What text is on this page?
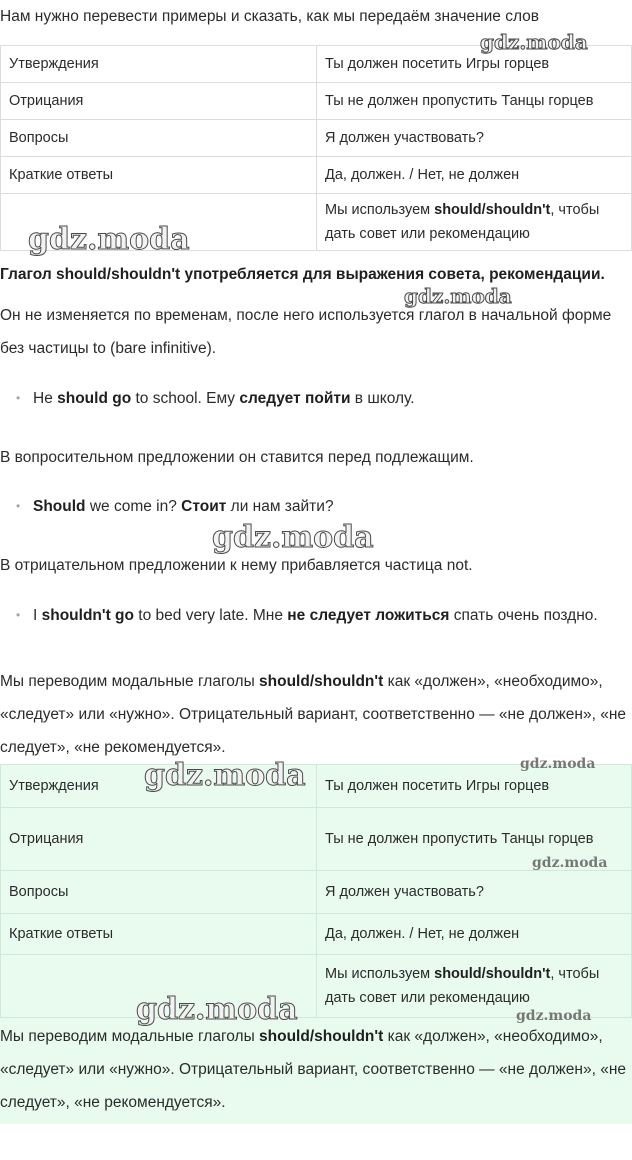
Нам нужно перевести примеры и сказать, как мы передаём значение слов
Утверждения	Ты должен посетить Игры горцев
Отрицания	Ты не должен пропустить Танцы горцев
Вопросы	Я должен участвовать?
Краткие ответы	Да, должен. / Нет, не должен
	Мы используем should/shouldn't, чтобы дать совет или рекомендацию

Глагол should/shouldn't употребляется для выражения совета, рекомендации.

Он не изменяется по временам, после него используется глагол в начальной форме без частицы to (bare infinitive).

• He should go to school. Ему следует пойти в школу.

В вопросительном предложении он ставится перед подлежащим.

• Should we come in? Стоит ли нам зайти?

В отрицательном предложении к нему прибавляется частица not.

• I shouldn't go to bed very late. Мне не следует ложиться спать очень поздно.

Мы переводим модальные глаголы should/shouldn't как «должен», «необходимо», «следует» или «нужно». Отрицательный вариант, соответственно — «не должен», «не следует», «не рекомендуется».

Утверждения	Ты должен посетить Игры горцев
Отрицания	Ты не должен пропустить Танцы горцев
Вопросы	Я должен участвовать?
Краткие ответы	Да, должен. / Нет, не должен
	Мы используем should/shouldn't, чтобы дать совет или рекомендацию

Мы переводим модальные глаголы should/shouldn't как «должен», «необходимо», «следует» или «нужно». Отрицательный вариант, соответственно — «не должен», «не следует», «не рекомендуется».

gdz.moda
gdz.moda
gdz.moda
gdz.moda
gdz.moda	gdz.moda
gdz.moda
gdz.moda	gdz.moda
